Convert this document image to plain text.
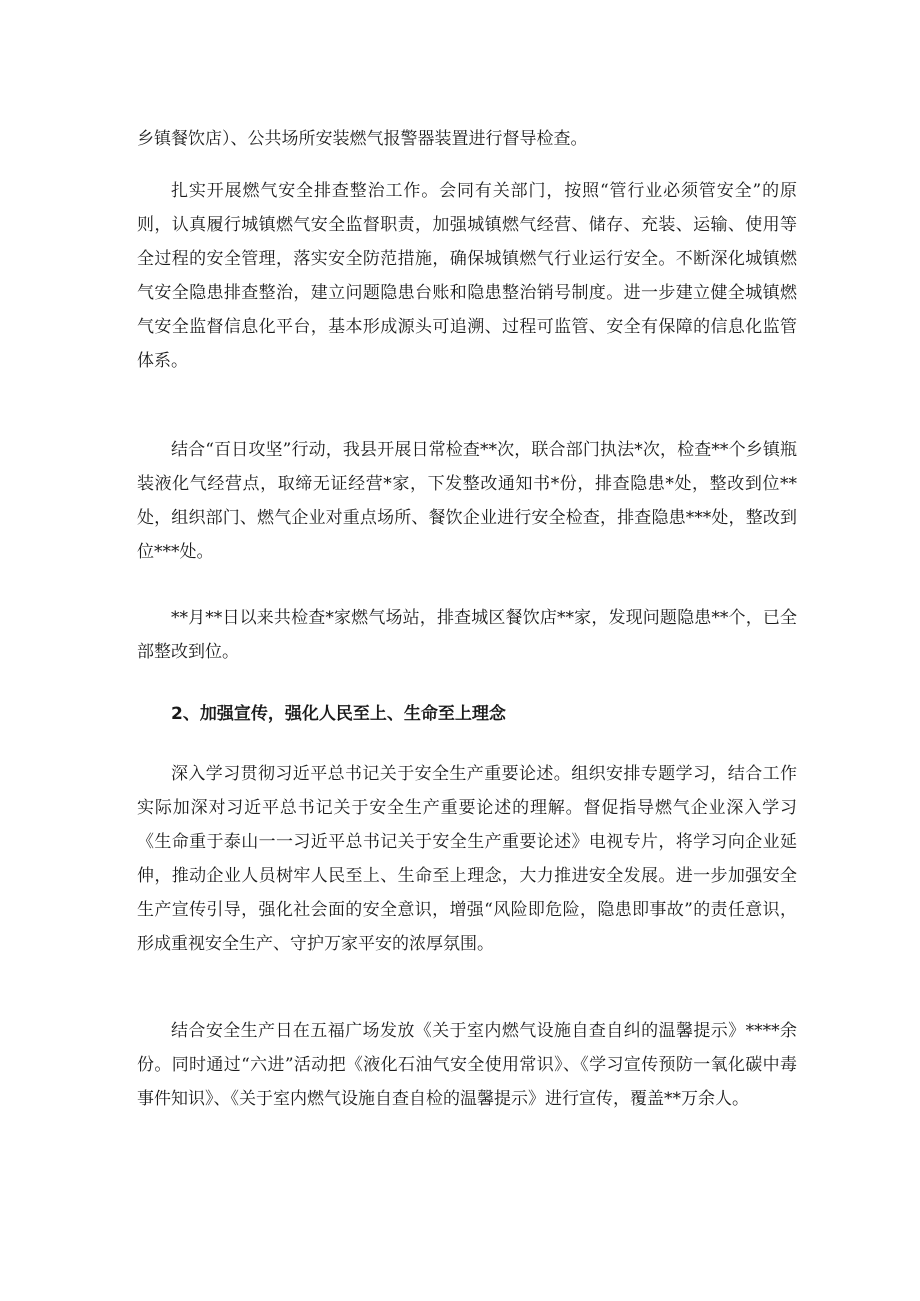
乡镇餐饮店）、公共场所安装燃气报警器装置进行督导检查。

扎实开展燃气安全排查整治工作。会同有关部门，按照“管行业必须管安全”的原则，认真履行城镇燃气安全监督职责，加强城镇燃气经营、储存、充装、运输、使用等全过程的安全管理，落实安全防范措施，确保城镇燃气行业运行安全。不断深化城镇燃气安全隐患排查整治，建立问题隐患台账和隐患整治销号制度。进一步建立健全城镇燃气安全监督信息化平台，基本形成源头可追溯、过程可监管、安全有保障的信息化监管体系。

结合“百日攻坚”行动，我县开展日常检查**次，联合部门执法*次，检查**个乡镇瓶装液化气经营点，取缔无证经营*家，下发整改通知书*份，排查隐患*处，整改到位**处，组织部门、燃气企业对重点场所、餐饮企业进行安全检查，排查隐患***处，整改到位***处。

**月**日以来共检查*家燃气场站，排查城区餐饮店**家，发现问题隐患**个，已全部整改到位。

2、加强宣传，强化人民至上、生命至上理念

深入学习贯彻习近平总书记关于安全生产重要论述。组织安排专题学习，结合工作实际加深对习近平总书记关于安全生产重要论述的理解。督促指导燃气企业深入学习《生命重于泰山一一习近平总书记关于安全生产重要论述》电视专片，将学习向企业延伸，推动企业人员树牢人民至上、生命至上理念，大力推进安全发展。进一步加强安全生产宣传引导，强化社会面的安全意识，增强“风险即危险，隐患即事故”的责任意识，形成重视安全生产、守护万家平安的浓厚氛围。

结合安全生产日在五福广场发放《关于室内燃气设施自查自纠的温馨提示》****余份。同时通过“六进”活动把《液化石油气安全使用常识》、《学习宣传预防一氧化碳中毒事件知识》、《关于室内燃气设施自查自检的温馨提示》进行宣传，覆盖**万余人。
